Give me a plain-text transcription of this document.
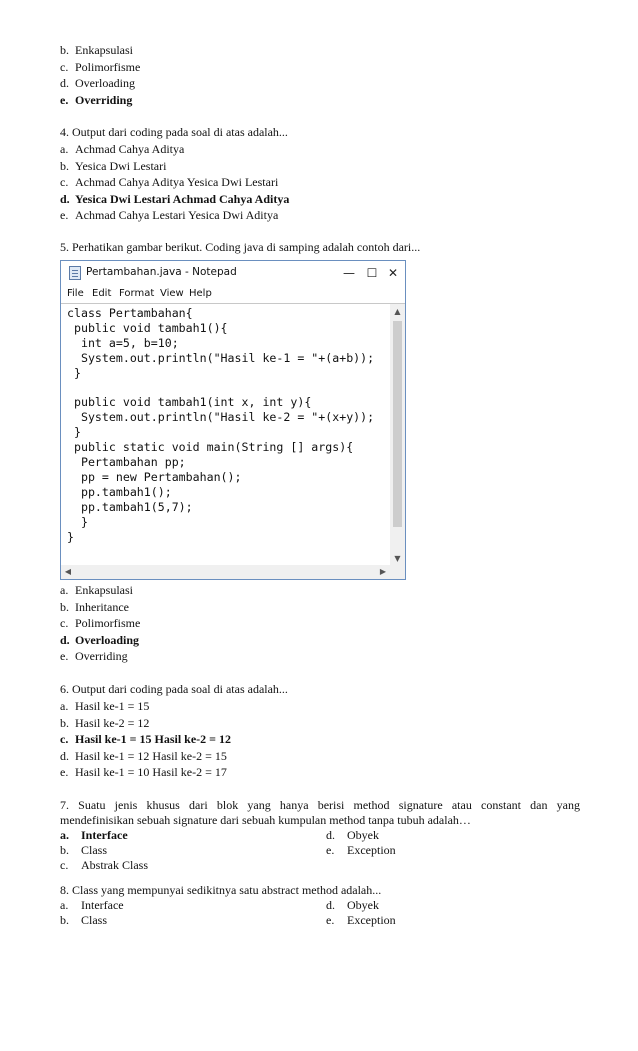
b. Enkapsulasi
c. Polimorfisme
d. Overloading
e. Overriding
4. Output dari coding pada soal di atas adalah...
a. Achmad Cahya Aditya
b. Yesica Dwi Lestari
c. Achmad Cahya Aditya Yesica Dwi Lestari
d. Yesica Dwi Lestari Achmad Cahya Aditya
e. Achmad Cahya Lestari Yesica Dwi Aditya
5. Perhatikan gambar berikut. Coding java di samping adalah contoh dari...
Pertambahan.java - Notepad	— ☐ ✕
File Edit Format View Help
class Pertambahan{
public void tambah1(){
int a=5, b=10;
System.out.println("Hasil ke-1 = "+(a+b));
}

public void tambah1(int x, int y){
System.out.println("Hasil ke-2 = "+(x+y));
}
public static void main(String [] args){
Pertambahan pp;
pp = new Pertambahan();
pp.tambah1();
pp.tambah1(5,7);
}
}

▲
▼
◀	▶
a. Enkapsulasi
b. Inheritance
c. Polimorfisme
d. Overloading
e. Overriding
6. Output dari coding pada soal di atas adalah...
a. Hasil ke-1 = 15
b. Hasil ke-2 = 12
c. Hasil ke-1 = 15 Hasil ke-2 = 12
d. Hasil ke-1 = 12 Hasil ke-2 = 15
e. Hasil ke-1 = 10 Hasil ke-2 = 17
7. Suatu jenis khusus dari blok yang hanya berisi method signature atau constant dan yang
mendefinisikan sebuah signature dari sebuah kumpulan method tanpa tubuh adalah…
a. Interface	d. Obyek
b. Class	e. Exception
c. Abstrak Class
8. Class yang mempunyai sedikitnya satu abstract method adalah...
a. Interface	d. Obyek
b. Class	e. Exception
